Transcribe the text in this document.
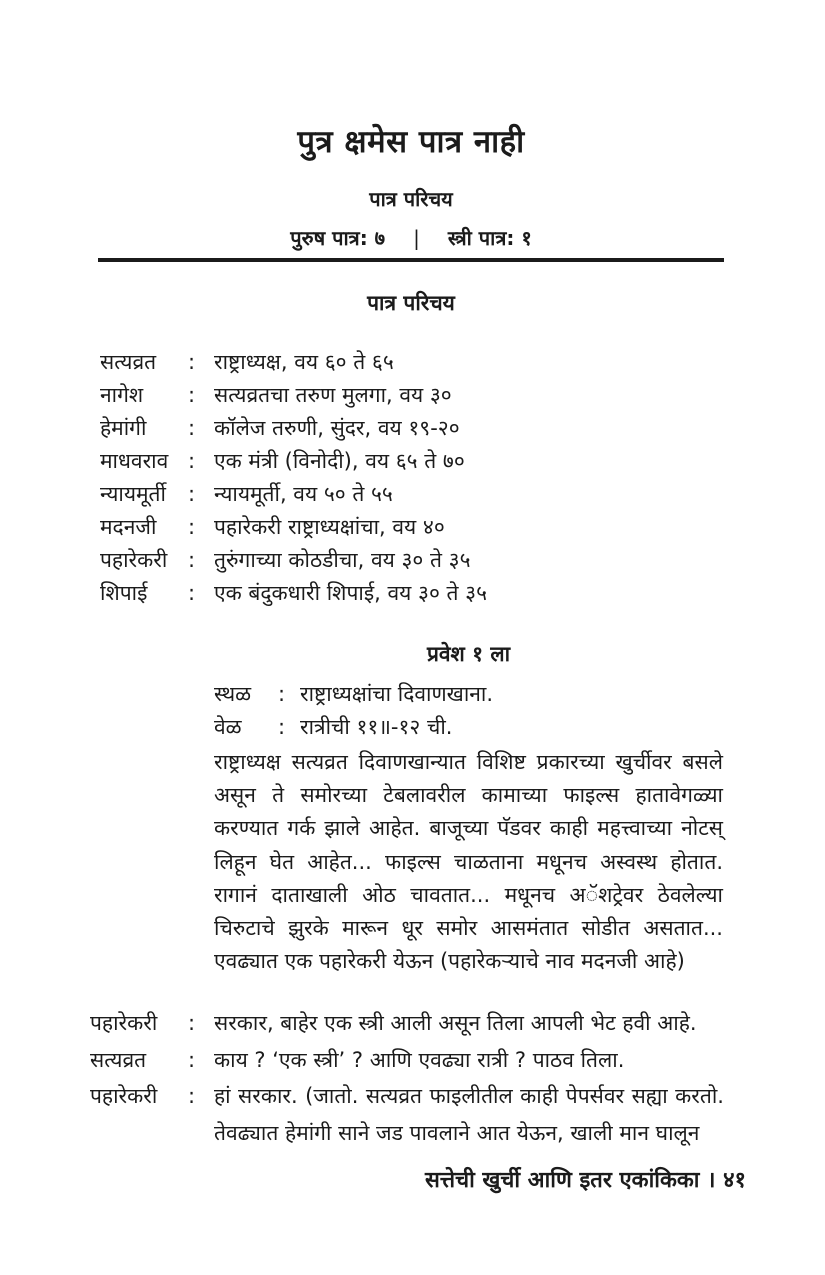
पुत्र क्षमेस पात्र नाही
पात्र परिचय
पुरुष पात्र: ७ | स्त्री पात्र: १
पात्र परिचय
सत्यव्रत	: राष्ट्राध्यक्ष, वय ६० ते ६५
नागेश	: सत्यव्रतचा तरुण मुलगा, वय ३०
हेमांगी	: कॉलेज तरुणी, सुंदर, वय १९-२०
माधवराव : एक मंत्री (विनोदी), वय ६५ ते ७०
न्यायमूर्ती	: न्यायमूर्ती, वय ५० ते ५५
मदनजी	: पहारेकरी राष्ट्राध्यक्षांचा, वय ४०
पहारेकरी : तुरुंगाच्या कोठडीचा, वय ३० ते ३५
शिपाई	: एक बंदुकधारी शिपाई, वय ३० ते ३५
प्रवेश १ ला
स्थळ	: राष्ट्राध्यक्षांचा दिवाणखाना.
वेळ	: रात्रीची ११॥-१२ ची.
राष्ट्राध्यक्ष सत्यव्रत दिवाणखान्यात विशिष्ट प्रकारच्या खुर्चीवर बसले असून ते समोरच्या टेबलावरील कामाच्या फाइल्स हातावेगळ्या करण्यात गर्क झाले आहेत. बाजूच्या पॅडवर काही महत्त्वाच्या नोटस् लिहून घेत आहेत... फाइल्स चाळताना मधूनच अस्वस्थ होतात. रागानं दाताखाली ओठ चावतात... मधूनच अॅशट्रेवर ठेवलेल्या चिरुटाचे झुरके मारून धूर समोर आसमंतात सोडीत असतात... एवढ्यात एक पहारेकरी येऊन (पहारेकऱ्याचे नाव मदनजी आहे)
पहारेकरी	: सरकार, बाहेर एक स्त्री आली असून तिला आपली भेट हवी आहे.
सत्यव्रत	: काय ? ‘एक स्त्री’ ? आणि एवढ्या रात्री ? पाठव तिला.
पहारेकरी	: हां सरकार. (जातो. सत्यव्रत फाइलीतील काही पेपर्सवर सह्या करतो. तेवढ्यात हेमांगी साने जड पावलाने आत येऊन, खाली मान घालून
सत्तेची खुर्ची आणि इतर एकांकिका । ४१
